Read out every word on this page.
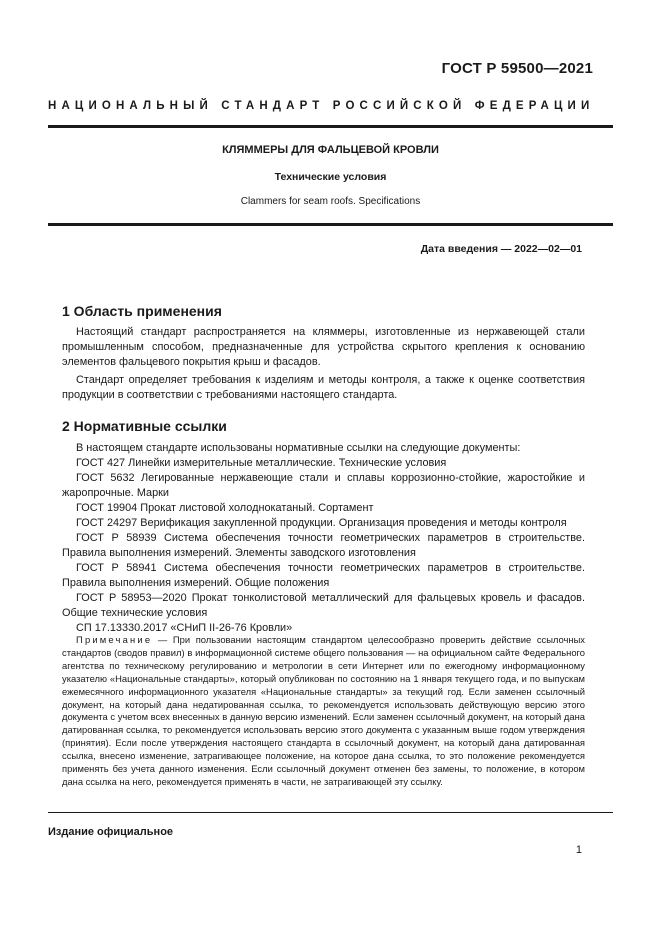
ГОСТ Р 59500—2021
НАЦИОНАЛЬНЫЙ СТАНДАРТ РОССИЙСКОЙ ФЕДЕРАЦИИ
КЛЯММЕРЫ ДЛЯ ФАЛЬЦЕВОЙ КРОВЛИ
Технические условия
Clammers for seam roofs. Specifications
Дата введения — 2022—02—01
1 Область применения

Настоящий стандарт распространяется на кляммеры, изготовленные из нержавеющей стали промышленным способом, предназначенные для устройства скрытого крепления к основанию элементов фальцевого покрытия крыш и фасадов.

Стандарт определяет требования к изделиям и методы контроля, а также к оценке соответствия продукции в соответствии с требованиями настоящего стандарта.

2 Нормативные ссылки

В настоящем стандарте использованы нормативные ссылки на следующие документы:

ГОСТ 427 Линейки измерительные металлические. Технические условия

ГОСТ 5632 Легированные нержавеющие стали и сплавы коррозионно-стойкие, жаростойкие и жаропрочные. Марки

ГОСТ 19904 Прокат листовой холоднокатаный. Сортамент

ГОСТ 24297 Верификация закупленной продукции. Организация проведения и методы контроля

ГОСТ Р 58939 Система обеспечения точности геометрических параметров в строительстве. Правила выполнения измерений. Элементы заводского изготовления

ГОСТ Р 58941 Система обеспечения точности геометрических параметров в строительстве. Правила выполнения измерений. Общие положения

ГОСТ Р 58953—2020 Прокат тонколистовой металлический для фальцевых кровель и фасадов. Общие технические условия

СП 17.13330.2017 «СНиП II-26-76 Кровли»

Примечание — При пользовании настоящим стандартом целесообразно проверить действие ссылочных стандартов (сводов правил) в информационной системе общего пользования — на официальном сайте Федерального агентства по техническому регулированию и метрологии в сети Интернет или по ежегодному информационному указателю «Национальные стандарты», который опубликован по состоянию на 1 января текущего года, и по выпускам ежемесячного информационного указателя «Национальные стандарты» за текущий год. Если заменен ссылочный документ, на который дана недатированная ссылка, то рекомендуется использовать действующую версию этого документа с учетом всех внесенных в данную версию изменений. Если заменен ссылочный документ, на который дана датированная ссылка, то рекомендуется использовать версию этого документа с указанным выше годом утверждения (принятия). Если после утверждения настоящего стандарта в ссылочный документ, на который дана датированная ссылка, внесено изменение, затрагивающее положение, на которое дана ссылка, то это положение рекомендуется применять без учета данного изменения. Если ссылочный документ отменен без замены, то положение, в котором дана ссылка на него, рекомендуется применять в части, не затрагивающей эту ссылку.

Издание официальное
1
